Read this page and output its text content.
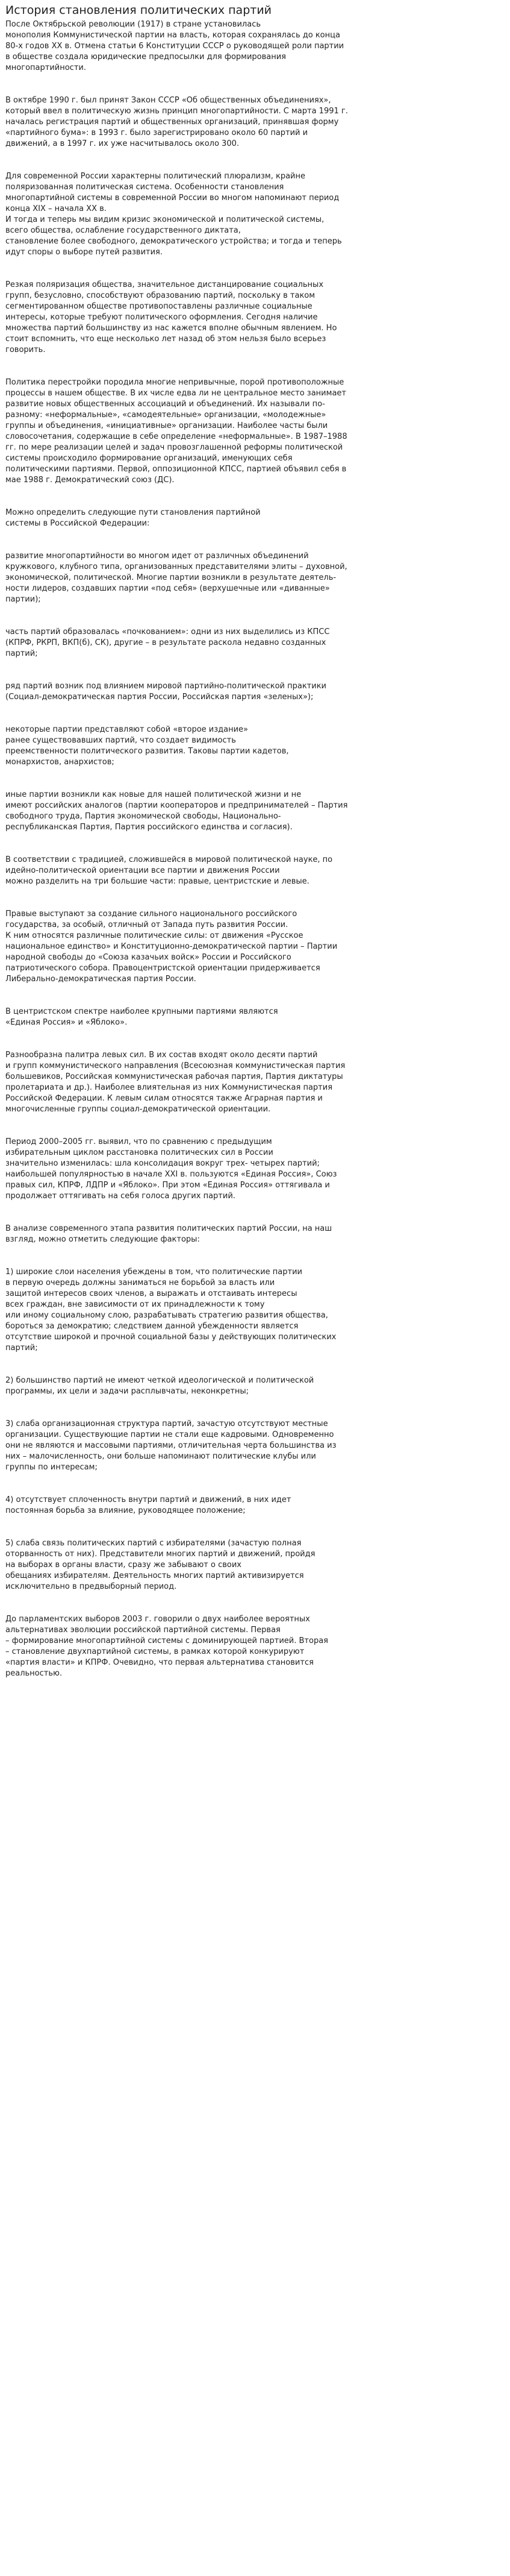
История становления политических партий

После Октябрьской революции (1917) в стране установилась
монополия Коммунистической партии на власть, которая сохранялась до конца
80-х годов ХХ в. Отмена статьи 6 Конституции СССР о руководящей роли партии
в обществе создала юридические предпосылки для формирования
многопартийности.

В октябре 1990 г. был принят Закон СССР «Об общественных объединениях»,
который ввел в политическую жизнь принцип многопартийности. С марта 1991 г.
началась регистрация партий и общественных организаций, принявшая форму
«партийного бума»: в 1993 г. было зарегистрировано около 60 партий и
движений, а в 1997 г. их уже насчитывалось около 300.

Для современной России характерны политический плюрализм, крайне
поляризованная политическая система. Особенности становления
многопартийной системы в современной России во многом напоминают период
конца XIX – начала XX в.

И тогда и теперь мы видим кризис экономической и политической системы,
всего общества, ослабление государственного диктата,
становление более свободного, демократического устройства; и тогда и теперь
идут споры о выборе путей развития.

Резкая поляризация общества, значительное дистанцирование социальных
групп, безусловно, способствуют образованию партий, поскольку в таком
сегментированном обществе противопоставлены различные социальные
интересы, которые требуют политического оформления. Сегодня наличие
множества партий большинству из нас кажется вполне обычным явлением. Но
стоит вспомнить, что еще несколько лет назад об этом нельзя было всерьез
говорить.

Политика перестройки породила многие непривычные, порой противоположные
процессы в нашем обществе. В их числе едва ли не центральное место занимает
развитие новых общественных ассоциаций и объединений. Их называли по-
разному: «неформальные», «самодеятельные» организации, «молодежные»
группы и объединения, «инициативные» организации. Наиболее часты были
словосочетания, содержащие в себе определение «неформальные». В 1987–1988
гг. по мере реализации целей и задач провозглашенной реформы политической
системы происходило формирование организаций, именующих себя
политическими партиями. Первой, оппозиционной КПСС, партией объявил себя в
мае 1988 г. Демократический союз (ДС).

Можно определить следующие пути становления партийной
системы в Российской Федерации:

развитие многопартийности во многом идет от различных объединений
кружкового, клубного типа, организованных представителями элиты – духовной,
экономической, политической. Многие партии возникли в результате деятель-
ности лидеров, создавших партии «под себя» (верхушечные или «диванные»
партии);

часть партий образовалась «почкованием»: одни из них выделились из КПСС
(КПРФ, РКРП, ВКП(б), СК), другие – в результате раскола недавно созданных
партий;

ряд партий возник под влиянием мировой партийно-политической практики
(Социал-демократическая партия России, Российская партия «зеленых»);

некоторые партии представляют собой «второе издание»
ранее существовавших партий, что создает видимость
преемственности политического развития. Таковы партии кадетов,
монархистов, анархистов;

иные партии возникли как новые для нашей политической жизни и не
имеют российских аналогов (партии кооператоров и предпринимателей – Партия
свободного труда, Партия экономической свободы, Национально-
республиканская Партия, Партия российского единства и согласия).

В соответствии с традицией, сложившейся в мировой политической науке, по
идейно-политической ориентации все партии и движения России
можно разделить на три большие части: правые, центристские и левые.

Правые выступают за создание сильного национального российского
государства, за особый, отличный от Запада путь развития России.
К ним относятся различные политические силы: от движения «Русское
национальное единство» и Конституционно-демократической партии – Партии
народной свободы до «Союза казачьих войск» России и Российского
патриотического собора. Правоцентристской ориентации придерживается
Либерально-демократическая партия России.

В центристском спектре наиболее крупными партиями являются
«Единая Россия» и «Яблоко».

Разнообразна палитра левых сил. В их состав входят около десяти партий
и групп коммунистического направления (Всесоюзная коммунистическая партия
большевиков, Российская коммунистическая рабочая партия, Партия диктатуры
пролетариата и др.). Наиболее влиятельная из них Коммунистическая партия
Российской Федерации. К левым силам относятся также Аграрная партия и
многочисленные группы социал-демократической ориентации.

Период 2000–2005 гг. выявил, что по сравнению с предыдущим
избирательным циклом расстановка политических сил в России
значительно изменилась: шла консолидация вокруг трех- четырех партий;
наибольшей популярностью в начале XXI в. пользуются «Единая Россия», Союз
правых сил, КПРФ, ЛДПР и «Яблоко». При этом «Единая Россия» оттягивала и
продолжает оттягивать на себя голоса других партий.

В анализе современного этапа развития политических партий России, на наш
взгляд, можно отметить следующие факторы:

1) широкие слои населения убеждены в том, что политические партии
в первую очередь должны заниматься не борьбой за власть или
защитой интересов своих членов, а выражать и отстаивать интересы
всех граждан, вне зависимости от их принадлежности к тому
или иному социальному слою, разрабатывать стратегию развития общества,
бороться за демократию; следствием данной убежденности является
отсутствие широкой и прочной социальной базы у действующих политических
партий;

2) большинство партий не имеют четкой идеологической и политической
программы, их цели и задачи расплывчаты, неконкретны;

3) слаба организационная структура партий, зачастую отсутствуют местные
организации. Существующие партии не стали еще кадровыми. Одновременно
они не являются и массовыми партиями, отличительная черта большинства из
них – малочисленность, они больше напоминают политические клубы или
группы по интересам;

4) отсутствует сплоченность внутри партий и движений, в них идет
постоянная борьба за влияние, руководящее положение;

5) слаба связь политических партий с избирателями (зачастую полная
оторванность от них). Представители многих партий и движений, пройдя
на выборах в органы власти, сразу же забывают о своих
обещаниях избирателям. Деятельность многих партий активизируется
исключительно в предвыборный период.

До парламентских выборов 2003 г. говорили о двух наиболее вероятных
альтернативах эволюции российской партийной системы. Первая
– формирование многопартийной системы с доминирующей партией. Вторая
– становление двухпартийной системы, в рамках которой конкурируют
«партия власти» и КПРФ. Очевидно, что первая альтернатива становится
реальностью.
